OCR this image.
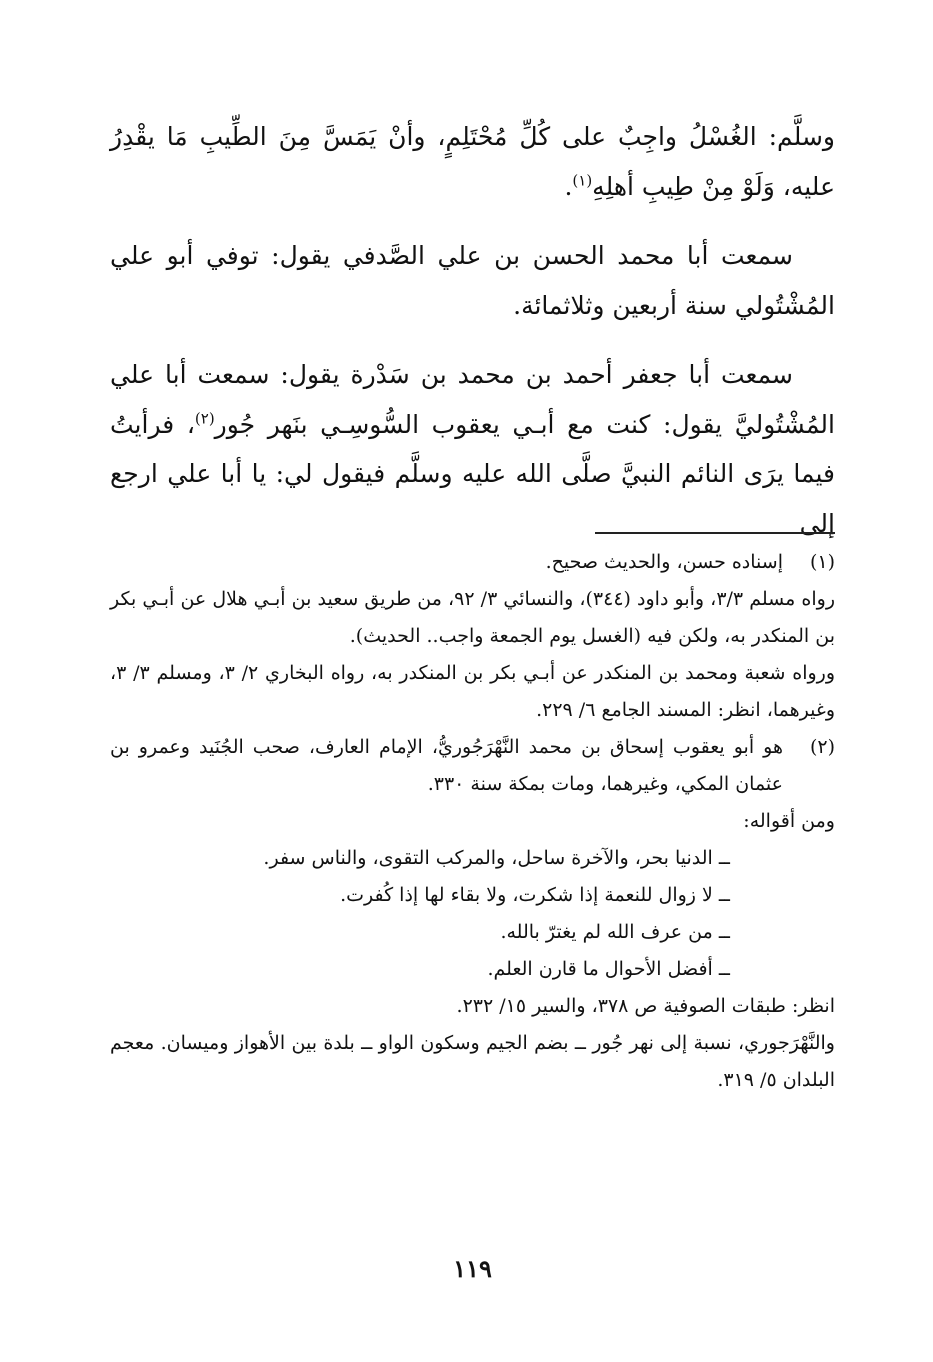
وسلَّم: الغُسْلُ واجِبٌ على كُلِّ مُحْتَلِمٍ، وأنْ يَمَسَّ مِنَ الطِّيبِ مَا يقْدِرُ عليه، وَلَوْ مِنْ طِيبِ أهلِهِ$^{(١)}$.

سمعت أبا محمد الحسن بن علي الصَّدفي يقول: توفي أبو علي المُشْتُولي سنة أربعين وثلاثمائة.

سمعت أبا جعفر أحمد بن محمد بن سَدْرة يقول: سمعت أبا علي المُشْتُوليَّ يقول: كنت مع أبـي يعقوب السُّوسِـي بنَهر جُور$^{(٢)}$، فرأيتُ فيما يرَى النائم النبيَّ صلَّى الله عليه وسلَّم فيقول لي: يا أبا علي ارجع إلى

(١)

إسناده حسن، والحديث صحيح.

رواه مسلم ٣/٣، وأبو داود (٣٤٤)، والنسائي ٣/ ٩٢، من طريق سعيد بن أبـي هلال عن أبـي بكر بن المنكدر به، ولكن فيه (الغسل يوم الجمعة واجب.. الحديث).

ورواه شعبة ومحمد بن المنكدر عن أبـي بكر بن المنكدر به، رواه البخاري ٢/ ٣، ومسلم ٣/ ٣، وغيرهما، انظر: المسند الجامع ٦/ ٢٢٩.

(٢)

هو أبو يعقوب إسحاق بن محمد النَّهْرَجُوريُّ، الإمام العارف، صحب الجُنَيد وعمرو بن عثمان المكي، وغيرهما، ومات بمكة سنة ٣٣٠.

ومن أقواله:

ــ الدنيا بحر، والآخرة ساحل، والمركب التقوى، والناس سفر.
ــ لا زوال للنعمة إذا شكرت، ولا بقاء لها إذا كُفرت.
ــ من عرف الله لم يغترّ بالله.
ــ أفضل الأحوال ما قارن العلم.

انظر: طبقات الصوفية ص ٣٧٨، والسير ١٥/ ٢٣٢.

والنَّهْرَجوري، نسبة إلى نهر جُور ــ بضم الجيم وسكون الواو ــ بلدة بين الأهواز وميسان. معجم البلدان ٥/ ٣١٩.

١١٩
